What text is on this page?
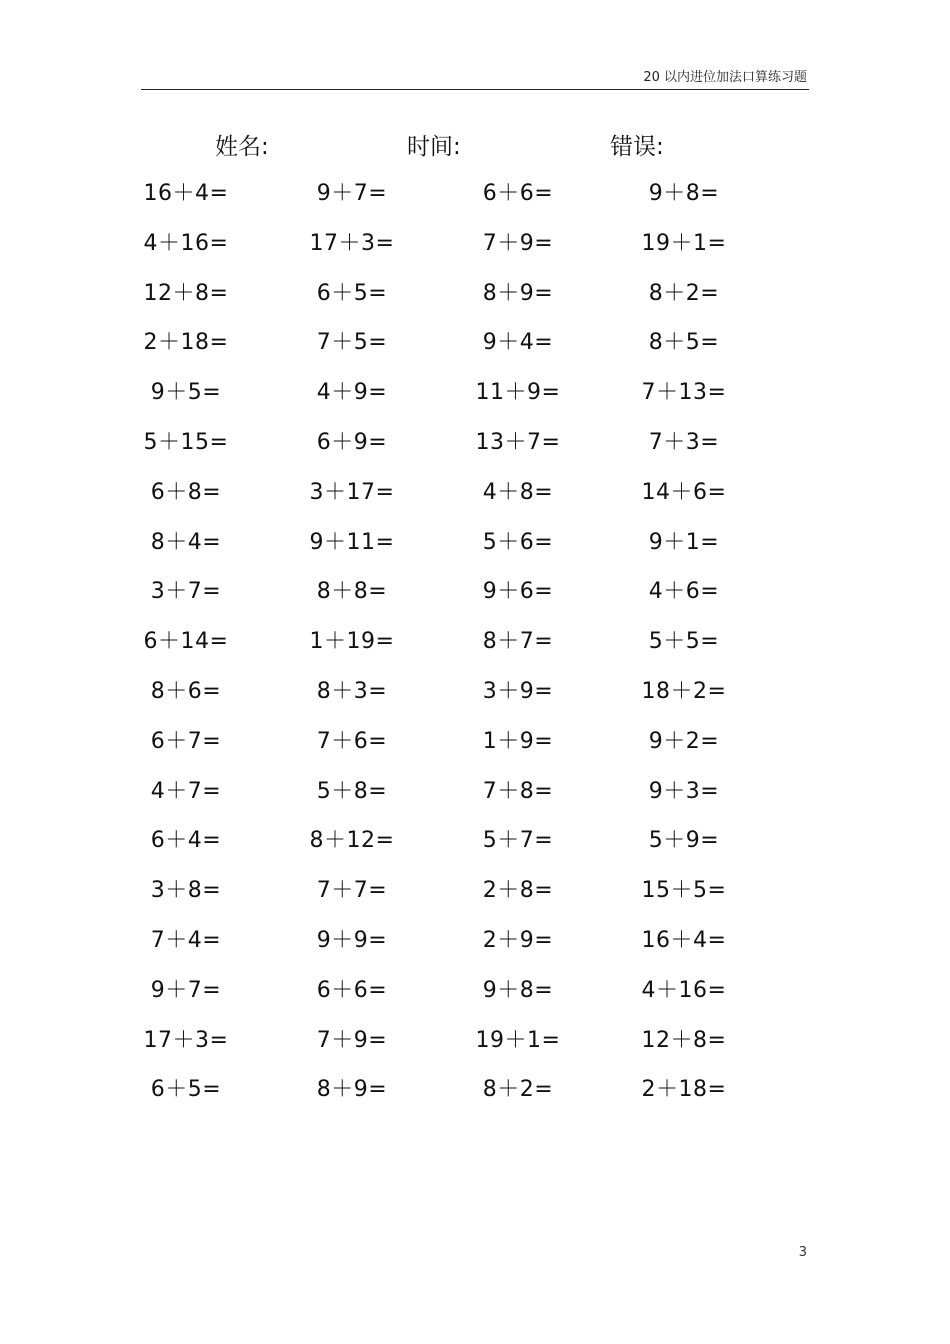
20 以内进位加法口算练习题
姓名:	时间:	错误:
16＋4=	9＋7=	6＋6=	9＋8=
4＋16=	17＋3=	7＋9=	19＋1=
12＋8=	6＋5=	8＋9=	8＋2=
2＋18=	7＋5=	9＋4=	8＋5=
9＋5=	4＋9=	11＋9=	7＋13=
5＋15=	6＋9=	13＋7=	7＋3=
6＋8=	3＋17=	4＋8=	14＋6=
8＋4=	9＋11=	5＋6=	9＋1=
3＋7=	8＋8=	9＋6=	4＋6=
6＋14=	1＋19=	8＋7=	5＋5=
8＋6=	8＋3=	3＋9=	18＋2=
6＋7=	7＋6=	1＋9=	9＋2=
4＋7=	5＋8=	7＋8=	9＋3=
6＋4=	8＋12=	5＋7=	5＋9=
3＋8=	7＋7=	2＋8=	15＋5=
7＋4=	9＋9=	2＋9=	16＋4=
9＋7=	6＋6=	9＋8=	4＋16=
17＋3=	7＋9=	19＋1=	12＋8=
6＋5=	8＋9=	8＋2=	2＋18=
3
